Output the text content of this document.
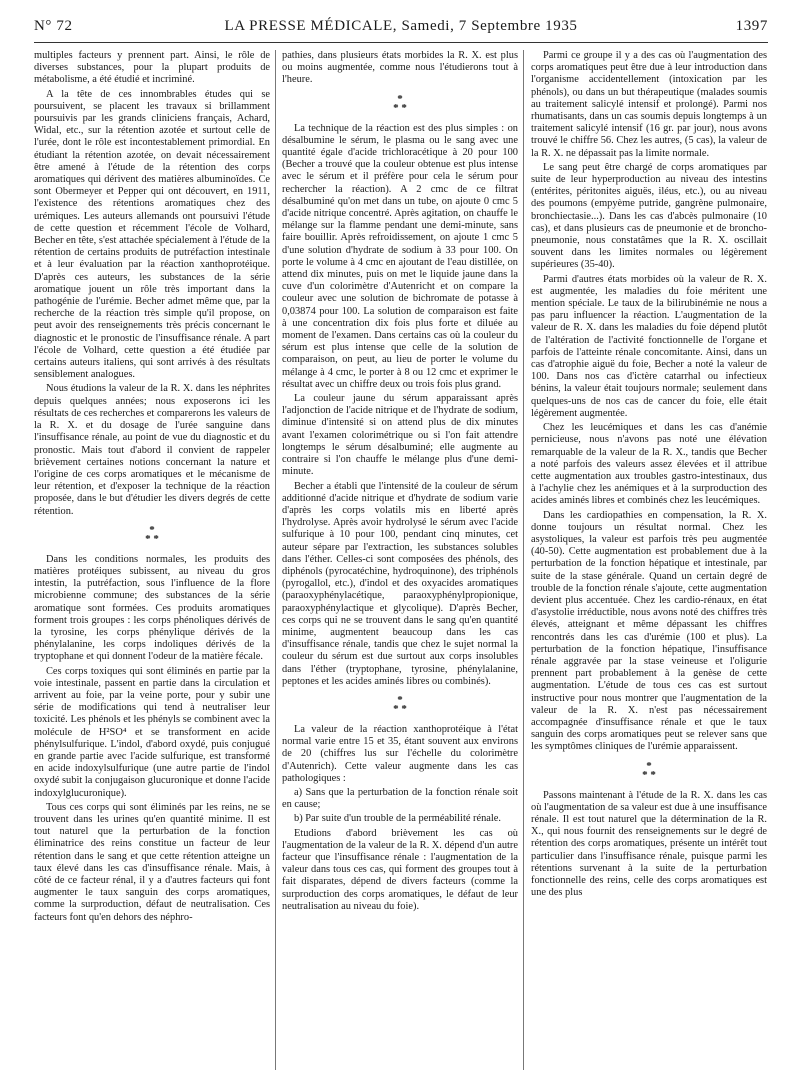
N° 72	LA PRESSE MÉDICALE, Samedi, 7 Septembre 1935	1397

multiples facteurs y prennent part. Ainsi, le rôle de diverses substances, pour la plupart produits de métabolisme, a été étudié et incriminé.

A la tête de ces innombrables études qui se poursuivent, se placent les travaux si brillamment poursuivis par les grands cliniciens français, Achard, Widal, etc., sur la rétention azotée et surtout celle de l'urée, dont le rôle est incontestablement primordial. En étudiant la rétention azotée, on devait nécessairement être amené à l'étude de la rétention des corps aromatiques qui dérivent des matières albuminoïdes. Ce sont Obermeyer et Pepper qui ont découvert, en 1911, l'existence des rétentions aromatiques chez des urémiques. Les auteurs allemands ont poursuivi l'étude de cette question et récemment l'école de Volhard, Becher en tête, s'est attachée spécialement à l'étude de la rétention de certains produits de putréfaction intestinale et à leur évaluation par la réaction xanthoprotéique. D'après ces auteurs, les substances de la série aromatique jouent un rôle très important dans la pathogénie de l'urémie. Becher admet même que, par la recherche de la réaction très simple qu'il propose, on peut avoir des renseignements très précis concernant le diagnostic et le pronostic de l'insuffisance rénale. A part l'école de Volhard, cette question a été étudiée par certains auteurs italiens, qui sont arrivés à des résultats sensiblement analogues.

Nous étudions la valeur de la R. X. dans les néphrites depuis quelques années; nous exposerons ici les résultats de ces recherches et comparerons les valeurs de la R. X. et du dosage de l'urée sanguine dans l'insuffisance rénale, au point de vue du diagnostic et du pronostic. Mais tout d'abord il convient de rappeler brièvement certaines notions concernant la nature et l'origine de ces corps aromatiques et le mécanisme de leur rétention, et d'exposer la technique de la réaction proposée, dans le but d'étudier les divers degrés de cette rétention.

*
* *

Dans les conditions normales, les produits des matières protéiques subissent, au niveau du gros intestin, la putréfaction, sous l'influence de la flore microbienne commune; des substances de la série aromatique sont formées. Ces produits aromatiques forment trois groupes : les corps phénoliques dérivés de la tyrosine, les corps phénylique dérivés de la phénylalanine, les corps indoliques dérivés de la tryptophane et qui donnent l'odeur de la matière fécale.

Ces corps toxiques qui sont éliminés en partie par la voie intestinale, passent en partie dans la circulation et arrivent au foie, par la veine porte, pour y subir une série de modifications qui tend à neutraliser leur toxicité. Les phénols et les phényls se combinent avec la molécule de H²SO⁴ et se transforment en acide phénylsulfurique. L'indol, d'abord oxydé, puis conjugué en grande partie avec l'acide sulfurique, est transformé en acide indoxylsulfurique (une autre partie de l'indol oxydé subit la conjugaison glucuronique et donne l'acide indoxylglucuronique).

Tous ces corps qui sont éliminés par les reins, ne se trouvent dans les urines qu'en quantité minime. Il est tout naturel que la perturbation de la fonction éliminatrice des reins constitue un facteur de leur rétention dans le sang et que cette rétention atteigne un taux élevé dans les cas d'insuffisance rénale. Mais, à côté de ce facteur rénal, il y a d'autres facteurs qui font augmenter le taux sanguin des corps aromatiques, comme la surproduction, défaut de neutralisation. Ces facteurs font qu'en dehors des néphro-

pathies, dans plusieurs états morbides la R. X. est plus ou moins augmentée, comme nous l'étudierons tout à l'heure.

*
* *

La technique de la réaction est des plus simples : on désalbumine le sérum, le plasma ou le sang avec une quantité égale d'acide trichloracétique à 20 pour 100 (Becher a trouvé que la couleur obtenue est plus intense avec le sérum et il préfère pour cela le sérum pour rechercher la réaction). A 2 cmc de ce filtrat désalbuminé qu'on met dans un tube, on ajoute 0 cmc 5 d'acide nitrique concentré. Après agitation, on chauffe le mélange sur la flamme pendant une demi-minute, sans faire bouillir. Après refroidissement, on ajoute 1 cmc 5 d'une solution d'hydrate de sodium à 33 pour 100. On porte le volume à 4 cmc en ajoutant de l'eau distillée, on attend dix minutes, puis on met le liquide jaune dans la cuve d'un colorimètre d'Autenricht et on compare la couleur avec une solution de bichromate de potasse à 0,03874 pour 100. La solution de comparaison est faite à une concentration dix fois plus forte et diluée au moment de l'examen. Dans certains cas où la couleur du sérum est plus intense que celle de la solution de comparaison, on peut, au lieu de porter le volume du mélange à 4 cmc, le porter à 8 ou 12 cmc et exprimer le résultat avec un chiffre deux ou trois fois plus grand.

La couleur jaune du sérum apparaissant après l'adjonction de l'acide nitrique et de l'hydrate de sodium, diminue d'intensité si on attend plus de dix minutes avant l'examen colorimétrique ou si l'on fait attendre longtemps le sérum désalbuminé; elle augmente au contraire si l'on chauffe le mélange plus d'une demi-minute.

Becher a établi que l'intensité de la couleur de sérum additionné d'acide nitrique et d'hydrate de sodium varie d'après les corps volatils mis en liberté après l'hydrolyse. Après avoir hydrolysé le sérum avec l'acide sulfurique à 10 pour 100, pendant cinq minutes, cet auteur sépare par l'extraction, les substances solubles dans l'éther. Celles-ci sont composées des phénols, des diphénols (pyrocatéchine, hydroquinone), des triphénols (pyrogallol, etc.), d'indol et des oxyacides aromatiques (paraoxyphénylacétique, paraoxyphénylpropionique, paraoxyphénylactique et glycolique). D'après Becher, ces corps qui ne se trouvent dans le sang qu'en quantité minime, augmentent beaucoup dans les cas d'insuffisance rénale, tandis que chez le sujet normal la couleur du sérum est due surtout aux corps insolubles dans l'éther (tryptophane, tyrosine, phénylalanine, peptones et les acides aminés libres ou combinés).

*
* *

La valeur de la réaction xanthoprotéique à l'état normal varie entre 15 et 35, étant souvent aux environs de 20 (chiffres lus sur l'échelle du colorimètre d'Autenrich). Cette valeur augmente dans les cas pathologiques :

a) Sans que la perturbation de la fonction rénale soit en cause;

b) Par suite d'un trouble de la perméabilité rénale.

Etudions d'abord brièvement les cas où l'augmentation de la valeur de la R. X. dépend d'un autre facteur que l'insuffisance rénale : l'augmentation de la valeur dans tous ces cas, qui forment des groupes tout à fait disparates, dépend de divers facteurs (comme la surproduction des corps aromatiques, le défaut de leur neutralisation au niveau du foie).

Parmi ce groupe il y a des cas où l'augmentation des corps aromatiques peut être due à leur introduction dans l'organisme accidentellement (intoxication par les phénols), ou dans un but thérapeutique (malades soumis au traitement salicylé intensif et prolongé). Parmi nos rhumatisants, dans un cas soumis depuis longtemps à un traitement salicylé intensif (16 gr. par jour), nous avons trouvé le chiffre 56. Chez les autres, (5 cas), la valeur de la R. X. ne dépassait pas la limite normale.

Le sang peut être chargé de corps aromatiques par suite de leur hyperproduction au niveau des intestins (entérites, péritonites aiguës, iléus, etc.), ou au niveau des poumons (empyème putride, gangrène pulmonaire, bronchiectasie...). Dans les cas d'abcès pulmonaire (10 cas), et dans plusieurs cas de pneumonie et de broncho-pneumonie, nous constatâmes que la R. X. oscillait souvent dans les limites normales ou légèrement supérieures (35-40).

Parmi d'autres états morbides où la valeur de R. X. est augmentée, les maladies du foie méritent une mention spéciale. Le taux de la bilirubinémie ne nous a pas paru influencer la réaction. L'augmentation de la valeur de R. X. dans les maladies du foie dépend plutôt de l'altération de l'activité fonctionnelle de l'organe et parfois de l'atteinte rénale concomitante. Ainsi, dans un cas d'atrophie aiguë du foie, Becher a noté la valeur de 100. Dans nos cas d'ictère catarrhal ou infectieux bénins, la valeur était toujours normale; seulement dans quelques-uns de nos cas de cancer du foie, elle était légèrement augmentée.

Chez les leucémiques et dans les cas d'anémie pernicieuse, nous n'avons pas noté une élévation remarquable de la valeur de la R. X., tandis que Becher a noté parfois des valeurs assez élevées et il attribue cette augmentation aux troubles gastro-intestinaux, dus à l'achylie chez les anémiques et à la surproduction des acides aminés libres et combinés chez les leucémiques.

Dans les cardiopathies en compensation, la R. X. donne toujours un résultat normal. Chez les asystoliques, la valeur est parfois très peu augmentée (40-50). Cette augmentation est probablement due à la perturbation de la fonction hépatique et intestinale, par suite de la stase générale. Quand un certain degré de trouble de la fonction rénale s'ajoute, cette augmentation devient plus accentuée. Chez les cardio-rénaux, en état d'asystolie irréductible, nous avons noté des chiffres très élevés, atteignant et même dépassant les chiffres rencontrés dans les cas d'urémie (100 et plus). La perturbation de la fonction hépatique, l'insuffisance rénale aggravée par la stase veineuse et l'oligurie prennent part probablement à la genèse de cette augmentation. L'étude de tous ces cas est surtout instructive pour nous montrer que l'augmentation de la valeur de la R. X. n'est pas nécessairement accompagnée d'insuffisance rénale et que le taux sanguin des corps aromatiques peut se relever sans que les symptômes cliniques de l'urémie apparaissent.

*
* *

Passons maintenant à l'étude de la R. X. dans les cas où l'augmentation de sa valeur est due à une insuffisance rénale. Il est tout naturel que la détermination de la R. X., qui nous fournit des renseignements sur le degré de rétention des corps aromatiques, présente un intérêt tout particulier dans l'insuffisance rénale, puisque parmi les rétentions survenant à la suite de la perturbation fonctionnelle des reins, celle des corps aromatiques est une des plus
